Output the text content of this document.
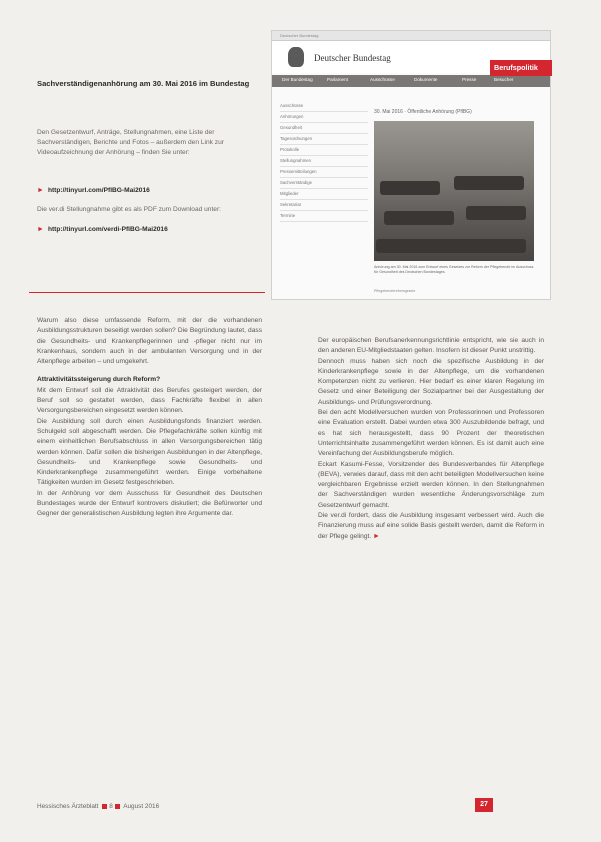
Sachverständigenanhörung am 30. Mai 2016 im Bundestag
Den Gesetzentwurf, Anträge, Stellungnahmen, eine Liste der Sachverständigen, Berichte und Fotos – außerdem den Link zur Videoaufzeichnung der Anhörung – finden Sie unter:
► http://tinyurl.com/PflBG-Mai2016
Die ver.di Stellungnahme gibt es als PDF zum Download unter:
► http://tinyurl.com/verdi-PflBG-Mai2016
Deutscher Bundestag
Deutscher Bundestag
Der Bundestag	Parlament	Ausschüsse	Dokumente	Presse	Besucher
Ausschüsse
Anhörungen
Gesundheit
Tagesordnungen
Protokolle
Stellungnahmen
Pressemitteilungen
Sachverständige
Mitglieder
Sekretariat
Termine
30. Mai 2016 · Öffentliche Anhörung (PflBG)
Anhörung am 30. Mai 2016 zum Entwurf eines Gesetzes zur Reform der Pflegeberufe im Ausschuss für Gesundheit des Deutschen Bundestages.
Pflegeberufereformgesetz
Berufspolitik

Warum also diese umfassende Reform, mit der die vorhandenen Ausbildungsstrukturen beseitigt werden sollen? Die Begründung lautet, dass die Gesundheits- und Krankenpflegerinnen und -pfleger nicht nur im Krankenhaus, sondern auch in der ambulanten Versorgung und in der Altenpflege arbeiten – und umgekehrt.

Attraktivitätssteigerung durch Reform?

Mit dem Entwurf soll die Attraktivität des Berufes gesteigert werden, der Beruf soll so gestaltet werden, dass Fachkräfte flexibel in allen Versorgungsbereichen eingesetzt werden können.

Die Ausbildung soll durch einen Ausbildungsfonds finanziert werden. Schulgeld soll abgeschafft werden. Die Pflegefachkräfte sollen künftig mit einem einheitlichen Berufsabschluss in allen Versorgungsbereichen tätig werden können. Dafür sollen die bisherigen Ausbildungen in der Altenpflege, Gesundheits- und Krankenpflege sowie Gesundheits- und Kinderkrankenpflege zusammengeführt werden. Einige vorbehaltene Tätigkeiten wurden im Gesetz festgeschrieben.

In der Anhörung vor dem Ausschuss für Gesundheit des Deutschen Bundestages wurde der Entwurf kontrovers diskutiert; die Befürworter und Gegner der generalistischen Ausbildung legten ihre Argumente dar.

Der europäischen Berufsanerkennungsrichtlinie entspricht, wie sie auch in den anderen EU-Mitgliedstaaten gelten. Insofern ist dieser Punkt unstrittig.

Dennoch muss haben sich noch die spezifische Ausbildung in der Kinderkrankenpflege sowie in der Altenpflege, um die vorhandenen Kompetenzen nicht zu verlieren. Hier bedarf es einer klaren Regelung im Gesetz und einer Beteiligung der Sozialpartner bei der Ausgestaltung der Ausbildungs- und Prüfungsverordnung.

Bei den acht Modellversuchen wurden von Professorinnen und Professoren eine Evaluation erstellt. Dabei wurden etwa 300 Auszubildende befragt, und es hat sich herausgestellt, dass 90 Prozent der theoretischen Unterrichtsinhalte zusammengeführt werden können. Es ist damit auch eine Vereinfachung der Ausbildungsberufe möglich.

Eckart Kasumi-Fesse, Vorsitzender des Bundesverbandes für Altenpflege (BEVA), verwies darauf, dass mit den acht beteiligten Modellversuchen keine vergleichbaren Ergebnisse erzielt werden können. In den Stellungnahmen der Sachverständigen wurden wesentliche Änderungsvorschläge zum Gesetzentwurf gemacht.

Die ver.di fordert, dass die Ausbildung insgesamt verbessert wird. Auch die Finanzierung muss auf eine solide Basis gestellt werden, damit die Reform in der Pflege gelingt. ►

Hessisches Ärzteblatt 8 August 2016	27
